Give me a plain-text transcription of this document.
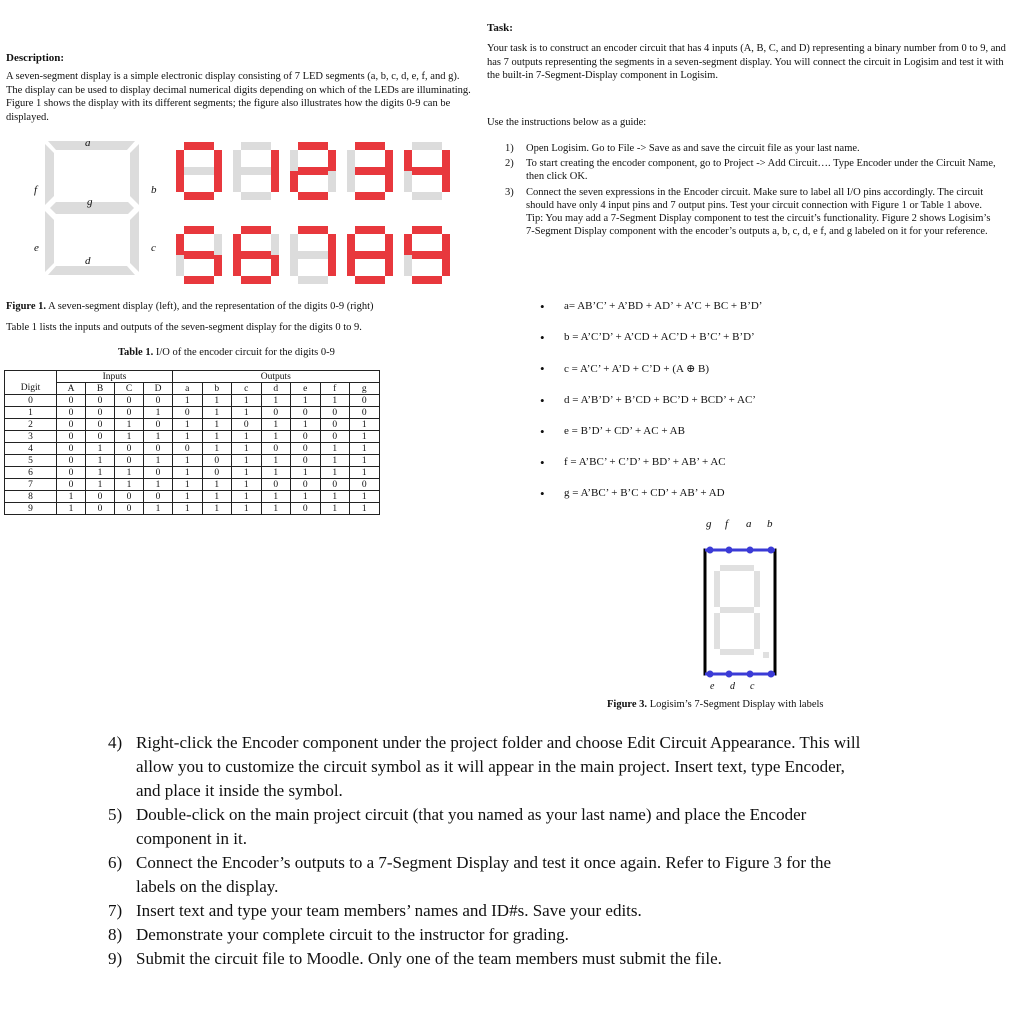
Description:

A seven-segment display is a simple electronic display consisting of 7 LED segments (a, b, c, d, e, f, and g). The display can be used to display decimal numerical digits depending on which of the LEDs are illuminating. Figure 1 shows the display with its different segments; the figure also illustrates how the digits 0-9 can be displayed.

a
f	b
g
e	c
d
Figure 1. A seven-segment display (left), and the representation of the digits 0-9 (right)
Table 1 lists the inputs and outputs of the seven-segment display for the digits 0 to 9.
Table 1. I/O of the encoder circuit for the digits 0-9
	Inputs				Outputs						
Digit	A	B	C	D	a	b	c	d	e	f	g
0	0	0	0	0	1	1	1	1	1	1	0
1	0	0	0	1	0	1	1	0	0	0	0
2	0	0	1	0	1	1	0	1	1	0	1
3	0	0	1	1	1	1	1	1	0	0	1
4	0	1	0	0	0	1	1	0	0	1	1
5	0	1	0	1	1	0	1	1	0	1	1
6	0	1	1	0	1	0	1	1	1	1	1
7	0	1	1	1	1	1	1	0	0	0	0
8	1	0	0	0	1	1	1	1	1	1	1
9	1	0	0	1	1	1	1	1	0	1	1
Task:

Your task is to construct an encoder circuit that has 4 inputs (A, B, C, and D) representing a binary number from 0 to 9, and has 7 outputs representing the segments in a seven-segment display. You will connect the circuit in Logisim and test it with the built-in 7-Segment-Display component in Logisim.

Use the instructions below as a guide:
1) Open Logisim. Go to File -> Save as and save the circuit file as your last name.
2) To start creating the encoder component, go to Project -> Add Circuit…. Type Encoder under the Circuit Name, then click OK.
3) Connect the seven expressions in the Encoder circuit. Make sure to label all I/O pins accordingly. The circuit should have only 4 input pins and 7 output pins. Test your circuit connection with Figure 1 or Table 1 above.
Tip: You may add a 7-Segment Display component to test the circuit’s functionality. Figure 2 shows Logisim’s 7-Segment Display component with the encoder’s outputs a, b, c, d, e f, and g labeled on it for your reference.
• a= AB’C’ + A’BD + AD’ + A’C + BC + B’D’
• b = A’C’D’ + A’CD + AC’D + B’C’ + B’D’
• c = A’C’ + A’D + C’D + (A ⊕ B)
• d = A’B’D’ + B’CD + BC’D + BCD’ + AC’
• e = B’D’ + CD’ + AC + AB
• f = A’BC’ + C’D’ + BD’ + AB’ + AC
• g = A’BC’ + B’C + CD’ + AB’ + AD
g f a b
e d c
Figure 3. Logisim’s 7-Segment Display with labels
4) Right-click the Encoder component under the project folder and choose Edit Circuit Appearance. This will allow you to customize the circuit symbol as it will appear in the main project. Insert text, type Encoder, and place it inside the symbol.
5) Double-click on the main project circuit (that you named as your last name) and place the Encoder component in it.
6) Connect the Encoder’s outputs to a 7-Segment Display and test it once again. Refer to Figure 3 for the labels on the display.
7) Insert text and type your team members’ names and ID#s. Save your edits.
8) Demonstrate your complete circuit to the instructor for grading.
9) Submit the circuit file to Moodle. Only one of the team members must submit the file.
